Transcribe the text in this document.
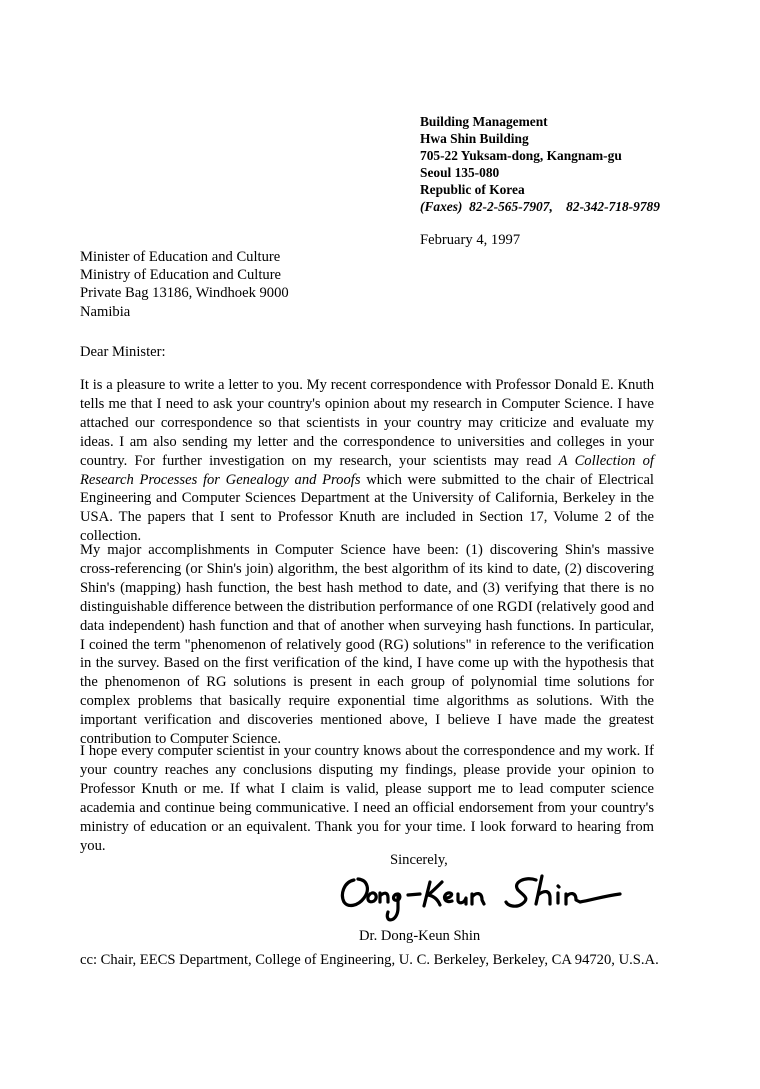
Building Management
Hwa Shin Building
705-22 Yuksam-dong, Kangnam-gu
Seoul 135-080
Republic of Korea
(Faxes) 82-2-565-7907,    82-342-718-9789
February 4, 1997
Minister of Education and Culture
Ministry of Education and Culture
Private Bag 13186, Windhoek 9000
Namibia
Dear Minister:

It is a pleasure to write a letter to you. My recent correspondence with Professor Donald E. Knuth tells me that I need to ask your country's opinion about my research in Computer Science. I have attached our correspondence so that scientists in your country may criticize and evaluate my ideas. I am also sending my letter and the correspondence to universities and colleges in your country. For further investigation on my research, your scientists may read A Collection of Research Processes for Genealogy and Proofs which were submitted to the chair of Electrical Engineering and Computer Sciences Department at the University of California, Berkeley in the USA. The papers that I sent to Professor Knuth are included in Section 17, Volume 2 of the collection.

My major accomplishments in Computer Science have been: (1) discovering Shin's massive cross-referencing (or Shin's join) algorithm, the best algorithm of its kind to date, (2) discovering Shin's (mapping) hash function, the best hash method to date, and (3) verifying that there is no distinguishable difference between the distribution performance of one RGDI (relatively good and data independent) hash function and that of another when surveying hash functions. In particular, I coined the term "phenomenon of relatively good (RG) solutions" in reference to the verification in the survey. Based on the first verification of the kind, I have come up with the hypothesis that the phenomenon of RG solutions is present in each group of polynomial time solutions for complex problems that basically require exponential time algorithms as solutions. With the important verification and discoveries mentioned above, I believe I have made the greatest contribution to Computer Science.

I hope every computer scientist in your country knows about the correspondence and my work. If your country reaches any conclusions disputing my findings, please provide your opinion to Professor Knuth or me. If what I claim is valid, please support me to lead computer science academia and continue being communicative. I need an official endorsement from your country's ministry of education or an equivalent. Thank you for your time. I look forward to hearing from you.

Sincerely,
Dr. Dong-Keun Shin
cc: Chair, EECS Department, College of Engineering, U. C. Berkeley, Berkeley, CA 94720, U.S.A.
